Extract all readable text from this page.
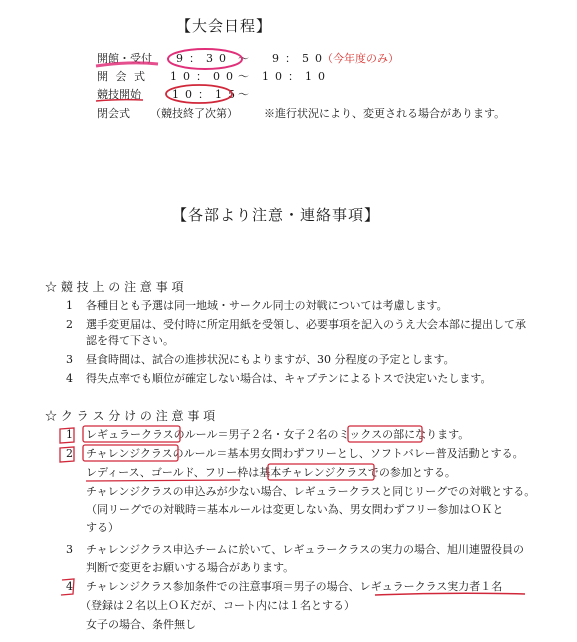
【大会日程】
開館・受付 9：30 ～ 9：50
（今年度のみ）
開 会 式 10：00 ～ 10：10
競技開始	10：15
～
閉会式 （競技終了次第） ※進行状況により、変更される場合があります。
【各部より注意・連絡事項】
☆ 競 技 上 の 注 意 事 項
1 各種目とも予選は同一地域・サークル同士の対戦については考慮します。
2 選手変更届は、受付時に所定用紙を受領し、必要事項を記入のうえ大会本部に提出して承
認を得て下さい。
3 昼食時間は、試合の進捗状況にもよりますが、30 分程度の予定とします。
4 得失点率でも順位が確定しない場合は、キャプテンによるトスで決定いたします。
☆ ク ラ ス 分 け の 注 意 事 項
1 レギュラークラスのルール＝男子２名・女子２名のミックスの部になります。
2 チャレンジクラスのルール＝基本男女問わずフリーとし、ソフトバレー普及活動とする。
レディース、ゴールド、フリー枠は基本チャレンジクラスでの参加とする。
チャレンジクラスの申込みが少ない場合、レギュラークラスと同じリーグでの対戦とする。
（同リーグでの対戦時＝基本ルールは変更しない為、男女問わずフリー参加はＯＫと
する）
3 チャレンジクラス申込チームに於いて、レギュラークラスの実力の場合、旭川連盟役員の
判断で変更をお願いする場合があります。
4 チャレンジクラス参加条件での注意事項＝男子の場合、レギュラークラス実力者１名
（登録は２名以上ＯＫだが、コート内には１名とする）
女子の場合、条件無し
